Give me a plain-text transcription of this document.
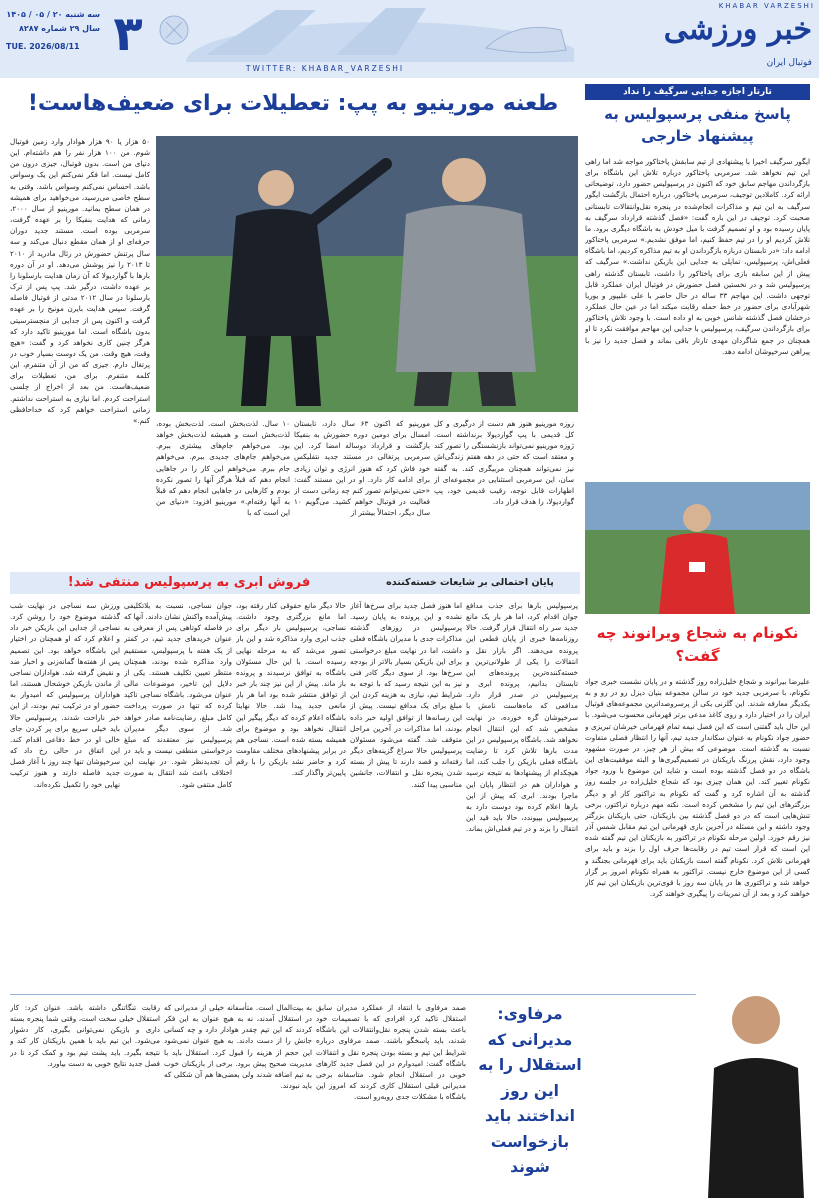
۳
سه شنبه ۲۰ / ۰۵ / ۱۴۰۵
سال ۲۹ شماره ۸۲۸۷
TUE. 2026/08/11
KHABAR VARZESHI
خبر ورزشی
فوتبال ایران
TWITTER: KHABAR_VARZESHI
طعنه مورینیو به پپ: تعطیلات برای ضعیف‌هاست!
۵۰ هزار یا ۹۰ هزار هوادار وارد زمین فوتبال شوم. من ۱۰۰ هزار نفر را هم داشته‌ام. این دنیای من است. بدون فوتبال، جیزی درون من کامل نیست. اما فکر نمی‌کنم این یک وسواس باشد. احساس نمی‌کنم وسواس باشد. وقتی به سطح خاصی می‌رسید، می‌خواهید برای همیشه در همان سطح بمانید. مورینیو از سال ۲۰۰۰، زمانی که هدایت بنفیکا را بر عهده گرفت، سرمربی بوده است. مستند جدید دوران حرفه‌ای او از همان مقطع دنبال می‌کند و سه سال پرتنش حضورش در رئال مادرید از ۲۰۱۰ تا ۲۰۱۳ را نیز پوشش می‌دهد. او در آن دوره بارها با گواردیولا که آن زمان هدایت بارسلونا را بر عهده داشت، درگیر شد. پپ پس از ترک بارسلونا در سال ۲۰۱۲ مدتی از فوتبال فاصله گرفت. سپس هدایت بایرن مونیخ را بر عهده گرفت و اکنون پس از جدایی از منچسترسیتی بدون باشگاه است. اما مورینیو تاکید دارد که هرگز چنین کاری نخواهد کرد و گفت: «هیچ وقت، هیچ وقت. من یک دوست بسیار خوب در پرتغال دارم. جیزی که من از آن متنفرم، این کلمه متنفرم. برای من، تعطیلات برای ضعیف‌هاست. من بعد از اخراج از چلسی استراحت کردم. اما نیازی به استراحت نداشتم. زمانی استراحت خواهم کرد که خداحافظی کنم.»	زوزه مورینیو هنوز هم دست از درگیری و کل کل قدیمی با پپ گواردیولا برنداشته است. ژوزه مورینیو نمی‌تواند بازنشستگی را تصور کند و معتقد است که حتی در دهه هفتم زندگی‌اش نیز نمی‌تواند همچنان مربیگری کند. به گفته سان، این سرمربی استثنایی در مجموعه‌ای از اظهارات قابل توجه، رقیب قدیمی خود، پپ گواردیولا، را هدف قرار داد.
مورینیو که اکنون ۶۳ سال دارد، تابستان امسال برای دومین دوره حضورش به بنفیکا بازگشت و قرارداد دوساله امضا کرد. این سرمربی پرتغالی در مستند جدید نتفلیکس خود فاش کرد که هنوز انرژی و توان زیادی برای ادامه کار دارد. او در این مستند گفت: «حتی نمی‌توانم تصور کنم چه زمانی دست از فعالیت در فوتبال خواهم کشید. می‌گویم ۱۰ سال دیگر، احتمالاً بیشتر از
۱۰ سال. لذت‌بخش است. لذت‌بخش بوده، لذت‌بخش است و همیشه لذت‌بخش خواهد بود. می‌خواهم جام‌های بیشتری ببرم. می‌خواهم جام‌های جدیدی ببرم. می‌خواهم جام ببرم. می‌خواهم این کار را در جاهایی انجام دهم که قبلاً هرگز آنها را تصور نکرده بودم و کارهایی در جاهایی انجام دهم که قبلاً به آنها رفته‌ام.» مورینیو افزود: «دنیای من این است که با
تارتار اجازه جدایی سرگیف را نداد
پاسخ منفی پرسپولیس به پیشنهاد خارجی
ایگور سرگیف اخیرا با پیشنهادی از تیم سابقش پاختاکور مواجه شد اما راهی این تیم نخواهد شد. سرمربی پاختاکور درباره تلاش این باشگاه برای بازگرداندن مهاجم سابق خود که اکنون در پرسپولیس حضور دارد، توضیحاتی ارائه کرد. کاملادین توجیف، سرمربی پاختاکور، درباره احتمال بازگشت ایگور سرگیف به این تیم و مذاکرات انجام‌شده در پنجره نقل‌وانتقالات تابستانی صحبت کرد. توجیف در این باره گفت: «فصل گذشته قرارداد سرگیف به پایان رسیده بود و او تصمیم گرفت با میل خودش به باشگاه دیگری برود. ما تلاش کردیم او را در تیم حفظ کنیم، اما موفق نشدیم.» سرمربی پاختاکور ادامه داد: «در تابستان درباره بازگرداندن او به تیم مذاکره کردیم، اما باشگاه فعلی‌اش، پرسپولیس، تمایلی به جدایی این بازیکن نداشت.» سرگیف که پیش از این سابقه بازی برای پاختاکور را داشت، تابستان گذشته راهی پرسپولیس شد و در نخستین فصل حضورش در فوتبال ایران عملکرد قابل توجهی داشت. این مهاجم ۳۳ ساله در حال حاضر با علی علیپور و یوریا شهرآبادی برای حضور در خط حمله رقابت میکند اما در عین حال عملکرد درخشان فصل گذشته شانس خوبی به او داده است. با وجود تلاش پاختاکور برای بازگرداندن سرگیف، پرسپولیس با جدایی این مهاجم موافقت نکرد تا او همچنان در جمع شاگردان مهدی تارتار باقی بماند و فصل جدید را نیز با پیراهن سرخپوشان ادامه دهد.
نکونام به شجاع ویرانوند چه گفت؟
علیرضا بیرانوند و شجاع خلیل‌زاده روز گذشته و در پایان نشست خبری جواد نکونام، با سرمربی جدید خود در سالن مجموعه بنیان دیزل رو در رو و به یکدیگر معارفه شدند. این گلزنی یکی از پرسروصداترین مجموعه‌های فوتبال ایران را در اختیار دارد و روی کاغذ مدعی برتر قهرمانی محسوب می‌شود. با این حال باید گفتنی است که این فصل نیمه تمام قهرمانی خیرشان تبریزی و حضور جواد نکونام به عنوان سکاندار جدید تیم، آنها را انتظار فصلی متفاوت نسبت به گذشته است. موضوعی که بیش از هر چیز، در صورت مشهود وجود دارد، نقش پررنگ بازیکنان در تصمیم‌گیری‌ها و البته موفقیت‌های این باشگاه در دو فصل گذشته بوده است و شاید این موضوع با ورود جواد نکونام تغییر کند. این همان چیزی بود که شجاع خلیل‌زاده در جلسه روز گذشته به آن اشاره کرد و گفت که نکونام به تراکتور کار او و دیگر بزرگترهای این تیم را مشخص کرده است. نکته مهم درباره تراکتور، برخی تنش‌هایی است که در دو فصل گذشته بین بازیکنان، حتی بازیکنان بزرگتر وجود داشته و این مسئله در آخرین بازی قهرمانی این تیم مقابل شمس آذر نیز رقم خورد. اولین مرحله نکونام در تراکتور به بازیکنان این تیم گفته شده این است که قرار است تیم در رقابت‌ها حرف اول را بزند و باید برای قهرمانی تلاش کرد. نکونام گفته است بازیکنان باید برای قهرمانی بجنگند و کسی از این موضوع خارج نیست. تراکتور به همراه نکونام امروز بر گزار خواهد شد و تراکتوری ها در پایان سه روز با قوی‌ترین بازیکنان این تیم کار خواهند کرد و بعد از آن تمرینات را پیگیری خواهند کرد.
پایان احتمالی بر شایعات خسته‌کننده
فروش ابری به پرسپولیس منتفی شد!
پرسپولیس بارها برای جذب مدافع جوان اقدام کرد، اما هر بار یک مانع جدید سر راه انتقال قرار گرفت. حالا روزنامه‌ها خبری از پایان قطعی این پرونده می‌دهند. اگر بازار نقل و انتقالات را یکی از طولانی‌ترین و خسته‌کننده‌ترین پرونده‌های این تابستان بدانیم، پرونده ابری و پرسپولیس در صدر قرار دارد. مدافعی که ماه‌هاست نامش با سرخپوشان گره خورده، در نهایت مشخص شد که این انتقال انجام نخواهد شد. باشگاه پرسپولیس در این مدت بارها تلاش کرد تا رضایت باشگاه فعلی بازیکن را جلب کند، اما هیچکدام از پیشنهادها به نتیجه نرسید و هواداران هم در انتظار پایان این ماجرا بودند. ابری که پیش از این بارها اعلام کرده بود دوست دارد به پرسپولیس بپیوندد، حالا باید قید این انتقال را بزند و در تیم فعلی‌اش بماند.
اما هنوز فصل جدید برای سرخ‌ها آغاز نشده و این پرونده به پایان رسید. پرسپولیس در روزهای گذشته مذاکرات جدی با مدیران باشگاه فعلی داشت، اما در نهایت مبلغ درخواستی برای این بازیکن بسیار بالاتر از بودجه سرخ‌ها بود. از سوی دیگر کادر فنی نیز به این نتیجه رسید که با توجه به شرایط تیم، نیازی به هزینه کردن این مبلغ برای یک مدافع نیست. پیش از این رسانه‌ها از توافق اولیه خبر داده بودند، اما مذاکرات در آخرین مراحل متوقف شد. گفته می‌شود مسئولان پرسپولیس حالا سراغ گزینه‌های دیگر رفته‌اند و قصد دارند تا پیش از بسته شدن پنجره نقل و انتقالات، جانشین مناسبی پیدا کنند.
حالا دیگر مانع حقوقی کنار رفته بود، اما مانع بزرگتری وجود داشت. نساجی، پرسپولیس بار دیگر برای جذب ابری وارد مذاکره شد و این بار تصور می‌شد که به مرحله نهایی رسیده است. با این حال مسئولان باشگاه به توافق نرسیدند و پرونده باز ماند. پیش از این نیز چند بار خبر از توافق منتشر شده بود اما هر بار مانعی جدید پیدا شد. حالا نهایتا باشگاه اعلام کرده که دیگر پیگیر این انتقال نخواهد بود و موضوع برای همیشه بسته شده است. نساجی هم در برابر پیشنهادهای مختلف مقاومت کرد و حاضر نشد بازیکن را با رقم پایین‌تر واگذار کند.
جوان نساجی، نسبت به بلاتکلیفی پیش‌آمده واکنش نشان دادند. آنها که در فاصله کوتاهی پس از معرفی به عنوان خریدهای جدید تیم، در کمتر از یک هفته با پرسپولیس، مستقیم وارد مذاکره شده بودند، همچنان منتظر تعیین تکلیف هستند. یکی از دلایل این تاخیر، موضوعات مالی عنوان می‌شود. باشگاه نساجی تاکید کرده که تنها در صورت پرداخت کامل مبلغ، رضایت‌نامه صادر خواهد شد. از سوی دیگر مدیران پرسپولیس نیز معتقدند که مبلغ درخواستی منطقی نیست و باید در آن تجدیدنظر شود. در نهایت این اختلاف باعث شد انتقال به صورت کامل منتفی شود.
ورزش سه نساجی در نهایت شب گذشته موضوع خود را روشن کرد. نساجی از جدایی این بازیکن خبر داد و اعلام کرد که او همچنان در اختیار این باشگاه خواهد بود. این تصمیم پس از هفته‌ها گمانه‌زنی و اخبار ضد و نقیض گرفته شد. هواداران نساجی از ماندن بازیکن خوشحال هستند، اما هواداران پرسپولیس که امیدوار به حضور او در ترکیب تیم بودند، از این خبر ناراحت شدند. پرسپولیس حالا باید خیلی سریع برای پر کردن جای خالی او در خط دفاعی اقدام کند. این اتفاق در حالی رخ داد که سرخپوشان تنها چند روز با آغاز فصل جدید فاصله دارند و هنوز ترکیب نهایی خود را تکمیل نکرده‌اند.
مرفاوی: مدیرانی که استقلال را به این روز انداختند باید بازخواست شوند
صمد مرفاوی با انتقاد از عملکرد مدیران سابق استقلال تاکید کرد افرادی که با تصمیمات خود باعث بسته شدن پنجره نقل‌وانتقالات این باشگاه شدند، باید پاسخگو باشند. صمد مرفاوی درباره شرایط این تیم و بسته بودن پنجره نقل و انتقالات باشگاه گفت: امیدوارم در این فصل جدید کارهای خوبی در استقلال انجام شود. متاسفانه برخی مدیرانی قبلی استقلال کاری کردند که امروز این باشگاه با مشکلات جدی روبه‌رو است.
به بیت‌المال است. متأسفانه خیلی از مدیرانی که در استقلال آمدند، نه به هیچ عنوان به این فکر کردند که این تیم چقدر هوادار دارد و چه کسانی جانش را از دست دادند. به هیچ عنوان نمی‌شود این حجم از هزینه را قبول کرد. استقلال باید با مدیریت صحیح پیش برود. برخی از بازیکنان خوب به تیم اضافه شدند ولی بعضی‌ها هم آن شکلی که باید نبودند.
رقابت تنگاتنگی داشته باشد. عنوان کرد: کار استقلال خیلی سخت است، وقتی شما پنجره بسته داری و بازیکن نمی‌توانی بگیری، کار دشوار می‌شود. این تیم باید با همین بازیکنان کار کند و نتیجه بگیرد. باید پشت تیم بود و کمک کرد تا در فصل جدید نتایج خوبی به دست بیاورد.
